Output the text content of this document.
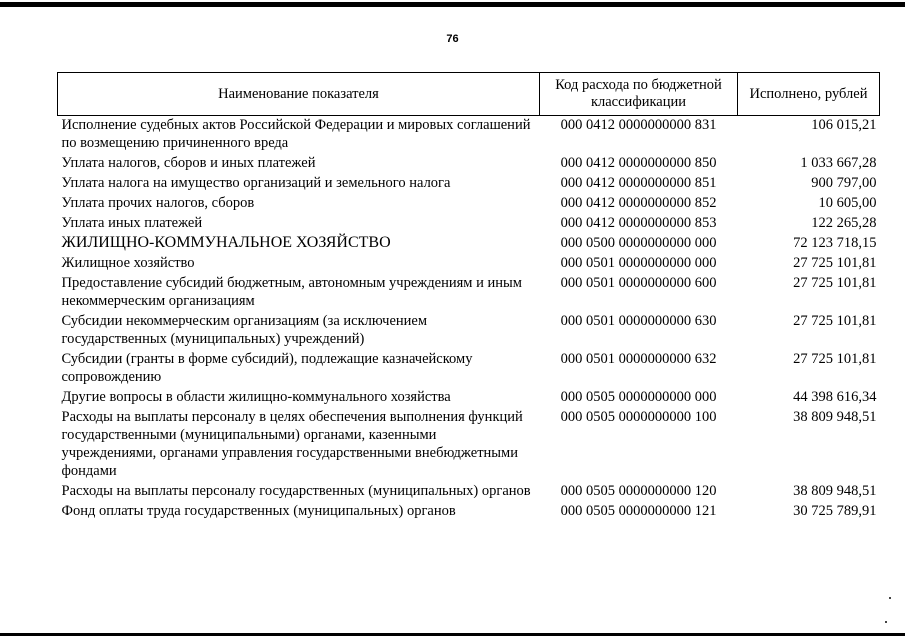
76
Наименование показателя	Код расхода по бюджетной классификации	Исполнено, рублей
Исполнение судебных актов Российской Федерации и мировых соглашений по возмещению причиненного вреда	000 0412 0000000000 831	106 015,21
Уплата налогов, сборов и иных платежей	000 0412 0000000000 850	1 033 667,28
Уплата налога на имущество организаций и земельного налога	000 0412 0000000000 851	900 797,00
Уплата прочих налогов, сборов	000 0412 0000000000 852	10 605,00
Уплата иных платежей	000 0412 0000000000 853	122 265,28
ЖИЛИЩНО-КОММУНАЛЬНОЕ ХОЗЯЙСТВО	000 0500 0000000000 000	72 123 718,15
Жилищное хозяйство	000 0501 0000000000 000	27 725 101,81
Предоставление субсидий бюджетным, автономным учреждениям и иным некоммерческим организациям	000 0501 0000000000 600	27 725 101,81
Субсидии некоммерческим организациям (за исключением государственных (муниципальных) учреждений)	000 0501 0000000000 630	27 725 101,81
Субсидии (гранты в форме субсидий), подлежащие казначейскому сопровождению	000 0501 0000000000 632	27 725 101,81
Другие вопросы в области жилищно-коммунального хозяйства	000 0505 0000000000 000	44 398 616,34
Расходы на выплаты персоналу в целях обеспечения выполнения функций государственными (муниципальными) органами, казенными учреждениями, органами управления государственными внебюджетными фондами	000 0505 0000000000 100	38 809 948,51
Расходы на выплаты персоналу государственных (муниципальных) органов	000 0505 0000000000 120	38 809 948,51
Фонд оплаты труда государственных (муниципальных) органов	000 0505 0000000000 121	30 725 789,91
